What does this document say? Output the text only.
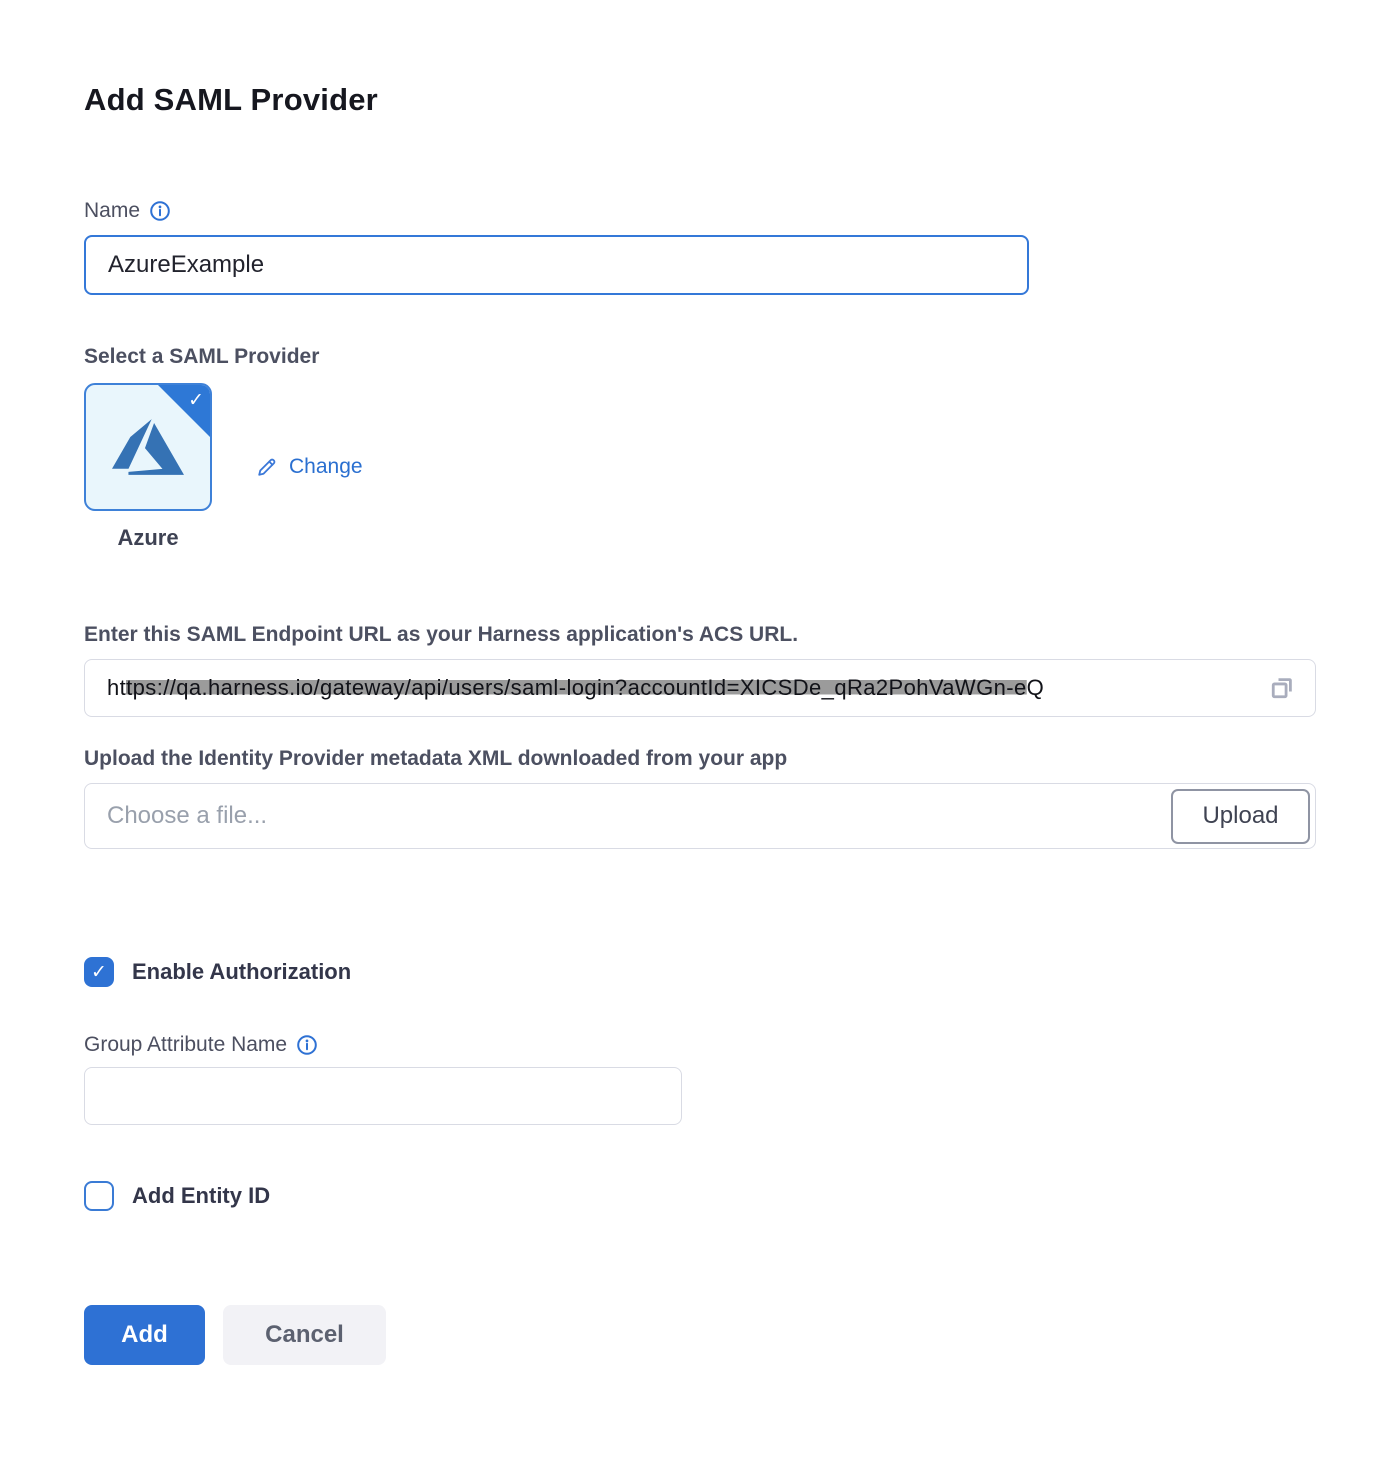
Add SAML Provider
Name
AzureExample
Select a SAML Provider
✓
Azure
Change
Enter this SAML Endpoint URL as your Harness application's ACS URL.
https://qa.harness.io/gateway/api/users/saml-login?accountId=XICSDe_qRa2PohVaWGn-eQ
Upload the Identity Provider metadata XML downloaded from your app
Choose a file...	Upload
✓ Enable Authorization
Group Attribute Name
Add Entity ID
Add	Cancel
